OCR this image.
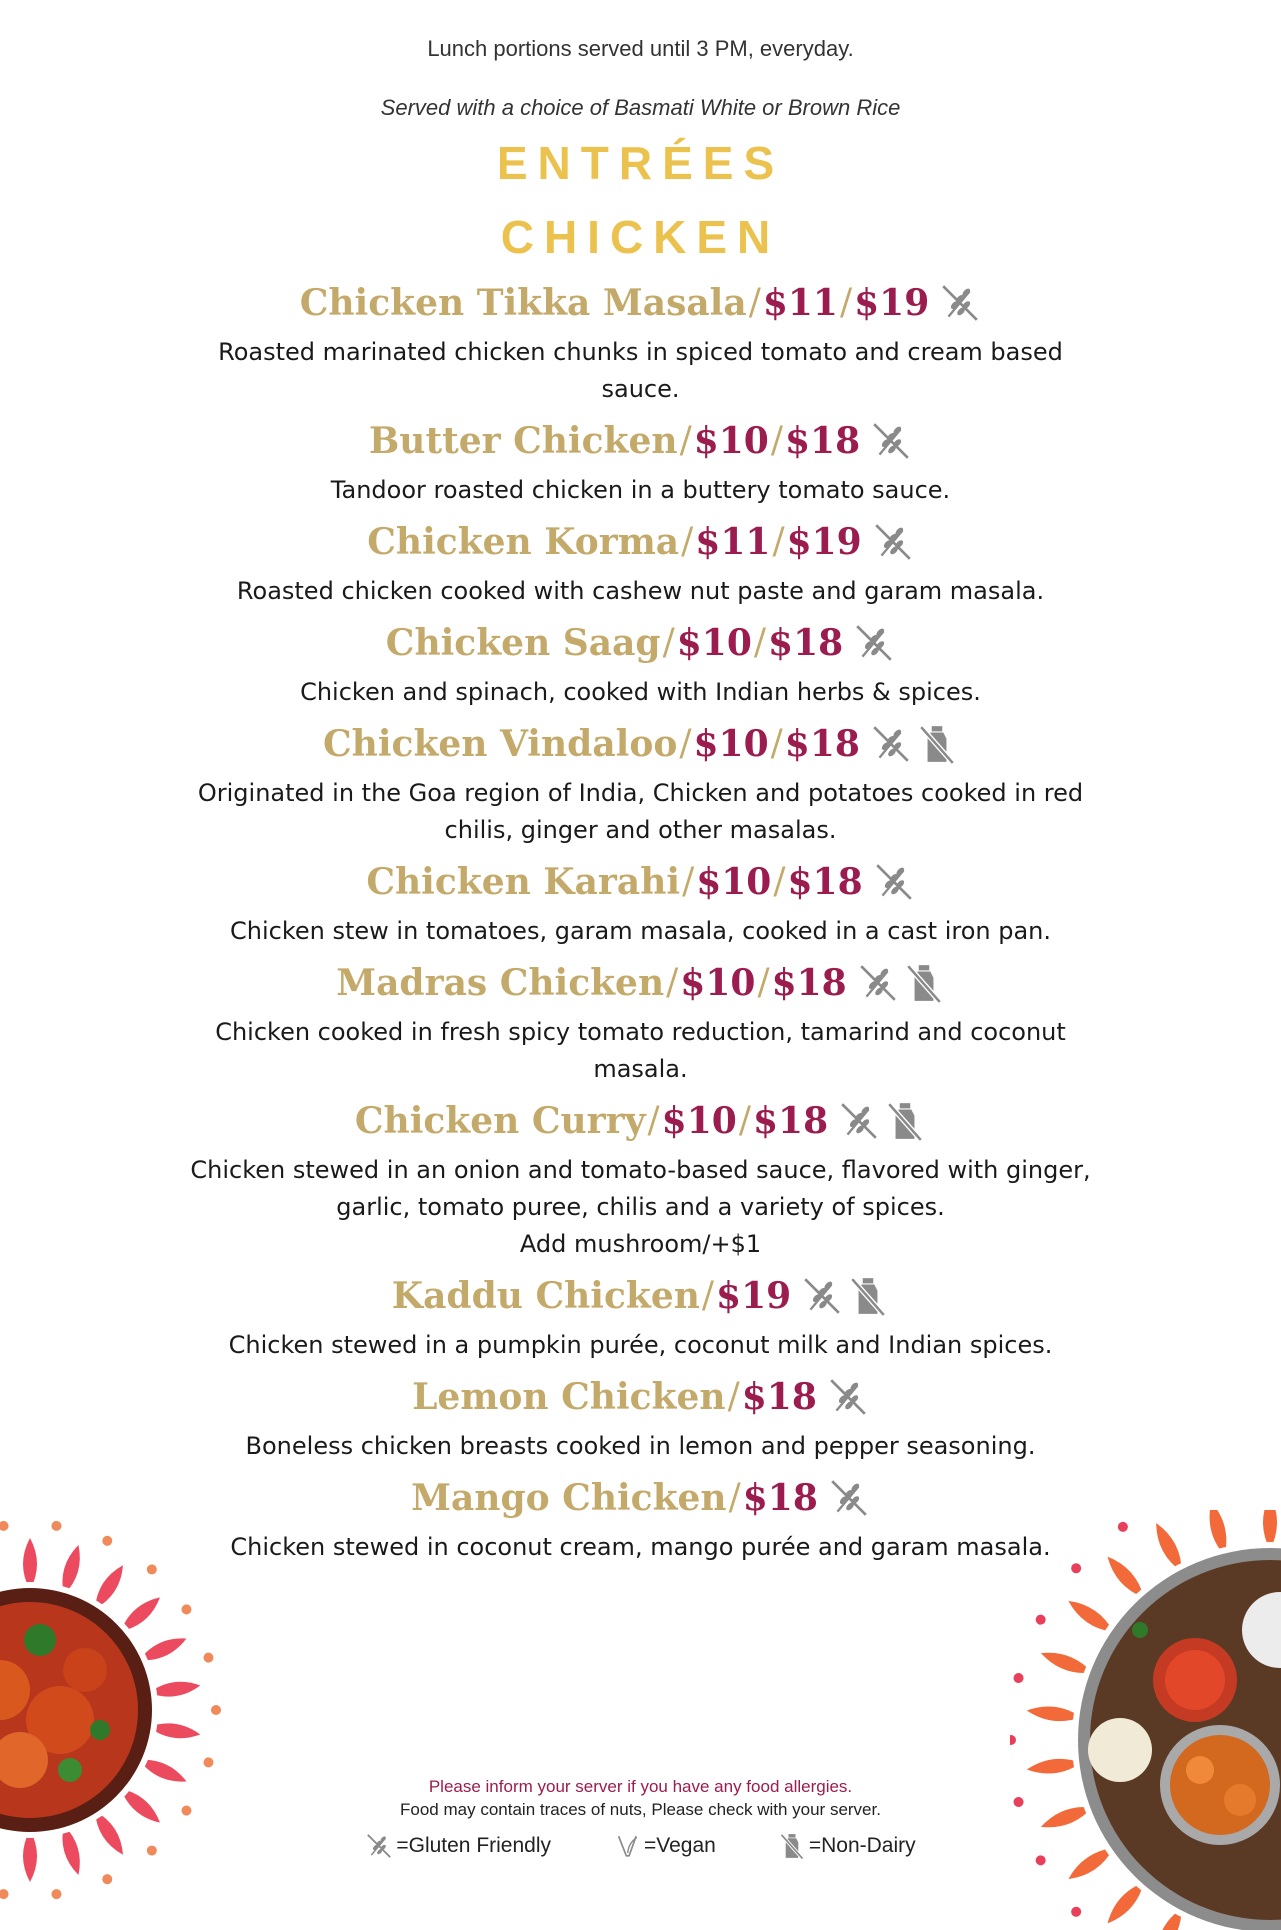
Lunch portions served until 3 PM, everyday.
Served with a choice of Basmati White or Brown Rice
ENTRÉES
CHICKEN
Chicken Tikka Masala / $11 / $19
Roasted marinated chicken chunks in spiced tomato and cream based
sauce.
Butter Chicken / $10 / $18
Tandoor roasted chicken in a buttery tomato sauce.
Chicken Korma / $11 / $19
Roasted chicken cooked with cashew nut paste and garam masala.
Chicken Saag / $10 / $18
Chicken and spinach, cooked with Indian herbs & spices.
Chicken Vindaloo / $10 / $18
Originated in the Goa region of India, Chicken and potatoes cooked in red
chilis, ginger and other masalas.
Chicken Karahi / $10 / $18
Chicken stew in tomatoes, garam masala, cooked in a cast iron pan.
Madras Chicken / $10 / $18
Chicken cooked in fresh spicy tomato reduction, tamarind and coconut
masala.
Chicken Curry / $10 / $18
Chicken stewed in an onion and tomato-based sauce, flavored with ginger,
garlic, tomato puree, chilis and a variety of spices.
Add mushroom/+$1
Kaddu Chicken / $19
Chicken stewed in a pumpkin purée, coconut milk and Indian spices.
Lemon Chicken / $18
Boneless chicken breasts cooked in lemon and pepper seasoning.
Mango Chicken / $18
Chicken stewed in coconut cream, mango purée and garam masala.
Please inform your server if you have any food allergies.
Food may contain traces of nuts, Please check with your server.
=Gluten Friendly	=Vegan	=Non-Dairy
